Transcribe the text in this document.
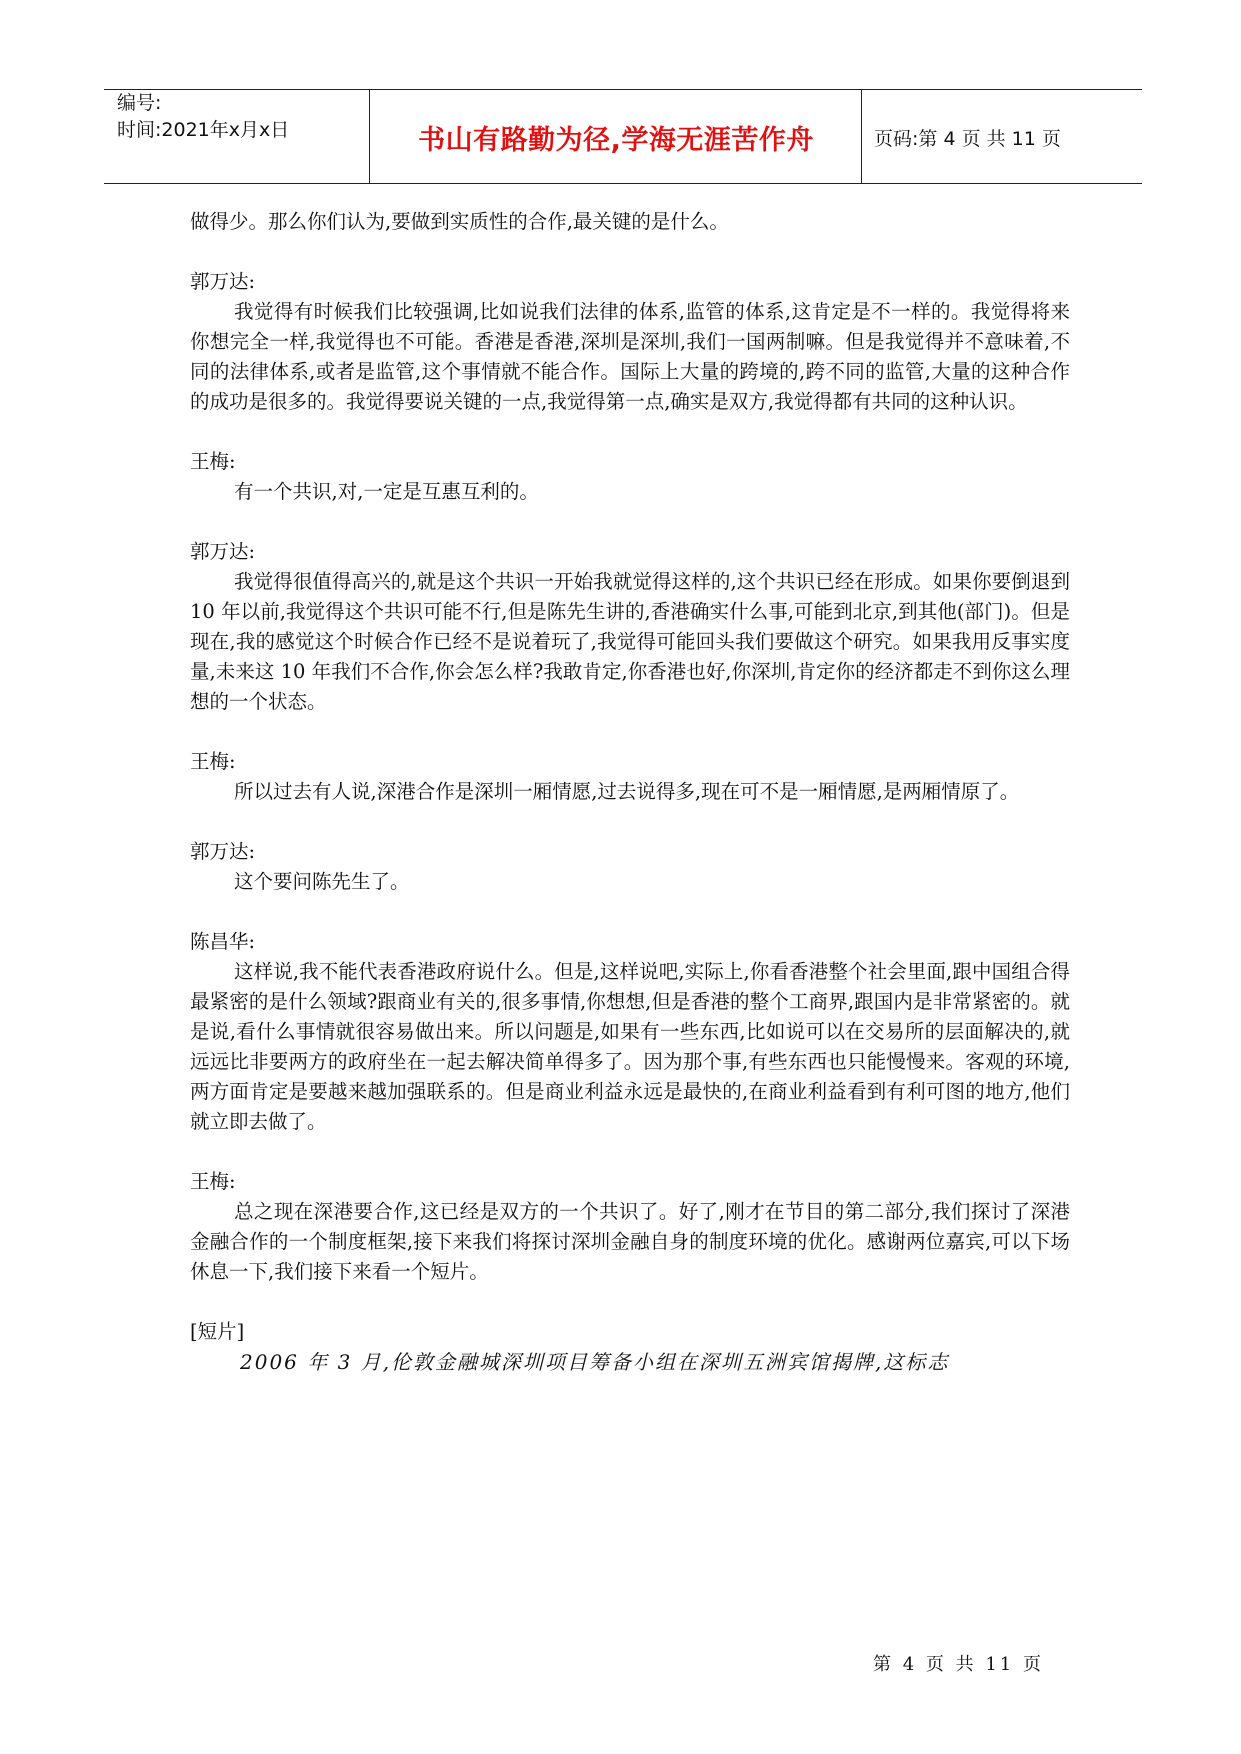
编号:
时间:2021年x月x日	书山有路勤为径,学海无涯苦作舟	页码:第 4 页 共 11 页

做得少。那么你们认为,要做到实质性的合作,最关键的是什么。

郭万达:

我觉得有时候我们比较强调,比如说我们法律的体系,监管的体系,这肯定是不一样的。我觉得将来你想完全一样,我觉得也不可能。香港是香港,深圳是深圳,我们一国两制嘛。但是我觉得并不意味着,不同的法律体系,或者是监管,这个事情就不能合作。国际上大量的跨境的,跨不同的监管,大量的这种合作的成功是很多的。我觉得要说关键的一点,我觉得第一点,确实是双方,我觉得都有共同的这种认识。

王梅:

有一个共识,对,一定是互惠互利的。

郭万达:

我觉得很值得高兴的,就是这个共识一开始我就觉得这样的,这个共识已经在形成。如果你要倒退到 10 年以前,我觉得这个共识可能不行,但是陈先生讲的,香港确实什么事,可能到北京,到其他(部门)。但是现在,我的感觉这个时候合作已经不是说着玩了,我觉得可能回头我们要做这个研究。如果我用反事实度量,未来这 10 年我们不合作,你会怎么样?我敢肯定,你香港也好,你深圳,肯定你的经济都走不到你这么理想的一个状态。

王梅:

所以过去有人说,深港合作是深圳一厢情愿,过去说得多,现在可不是一厢情愿,是两厢情原了。

郭万达:

这个要问陈先生了。

陈昌华:

这样说,我不能代表香港政府说什么。但是,这样说吧,实际上,你看香港整个社会里面,跟中国组合得最紧密的是什么领域?跟商业有关的,很多事情,你想想,但是香港的整个工商界,跟国内是非常紧密的。就是说,看什么事情就很容易做出来。所以问题是,如果有一些东西,比如说可以在交易所的层面解决的,就远远比非要两方的政府坐在一起去解决简单得多了。因为那个事,有些东西也只能慢慢来。客观的环境,两方面肯定是要越来越加强联系的。但是商业利益永远是最快的,在商业利益看到有利可图的地方,他们就立即去做了。

王梅:

总之现在深港要合作,这已经是双方的一个共识了。好了,刚才在节目的第二部分,我们探讨了深港金融合作的一个制度框架,接下来我们将探讨深圳金融自身的制度环境的优化。感谢两位嘉宾,可以下场休息一下,我们接下来看一个短片。

[短片]

2006 年 3 月,伦敦金融城深圳项目筹备小组在深圳五洲宾馆揭牌,这标志

第 4 页 共 11 页
